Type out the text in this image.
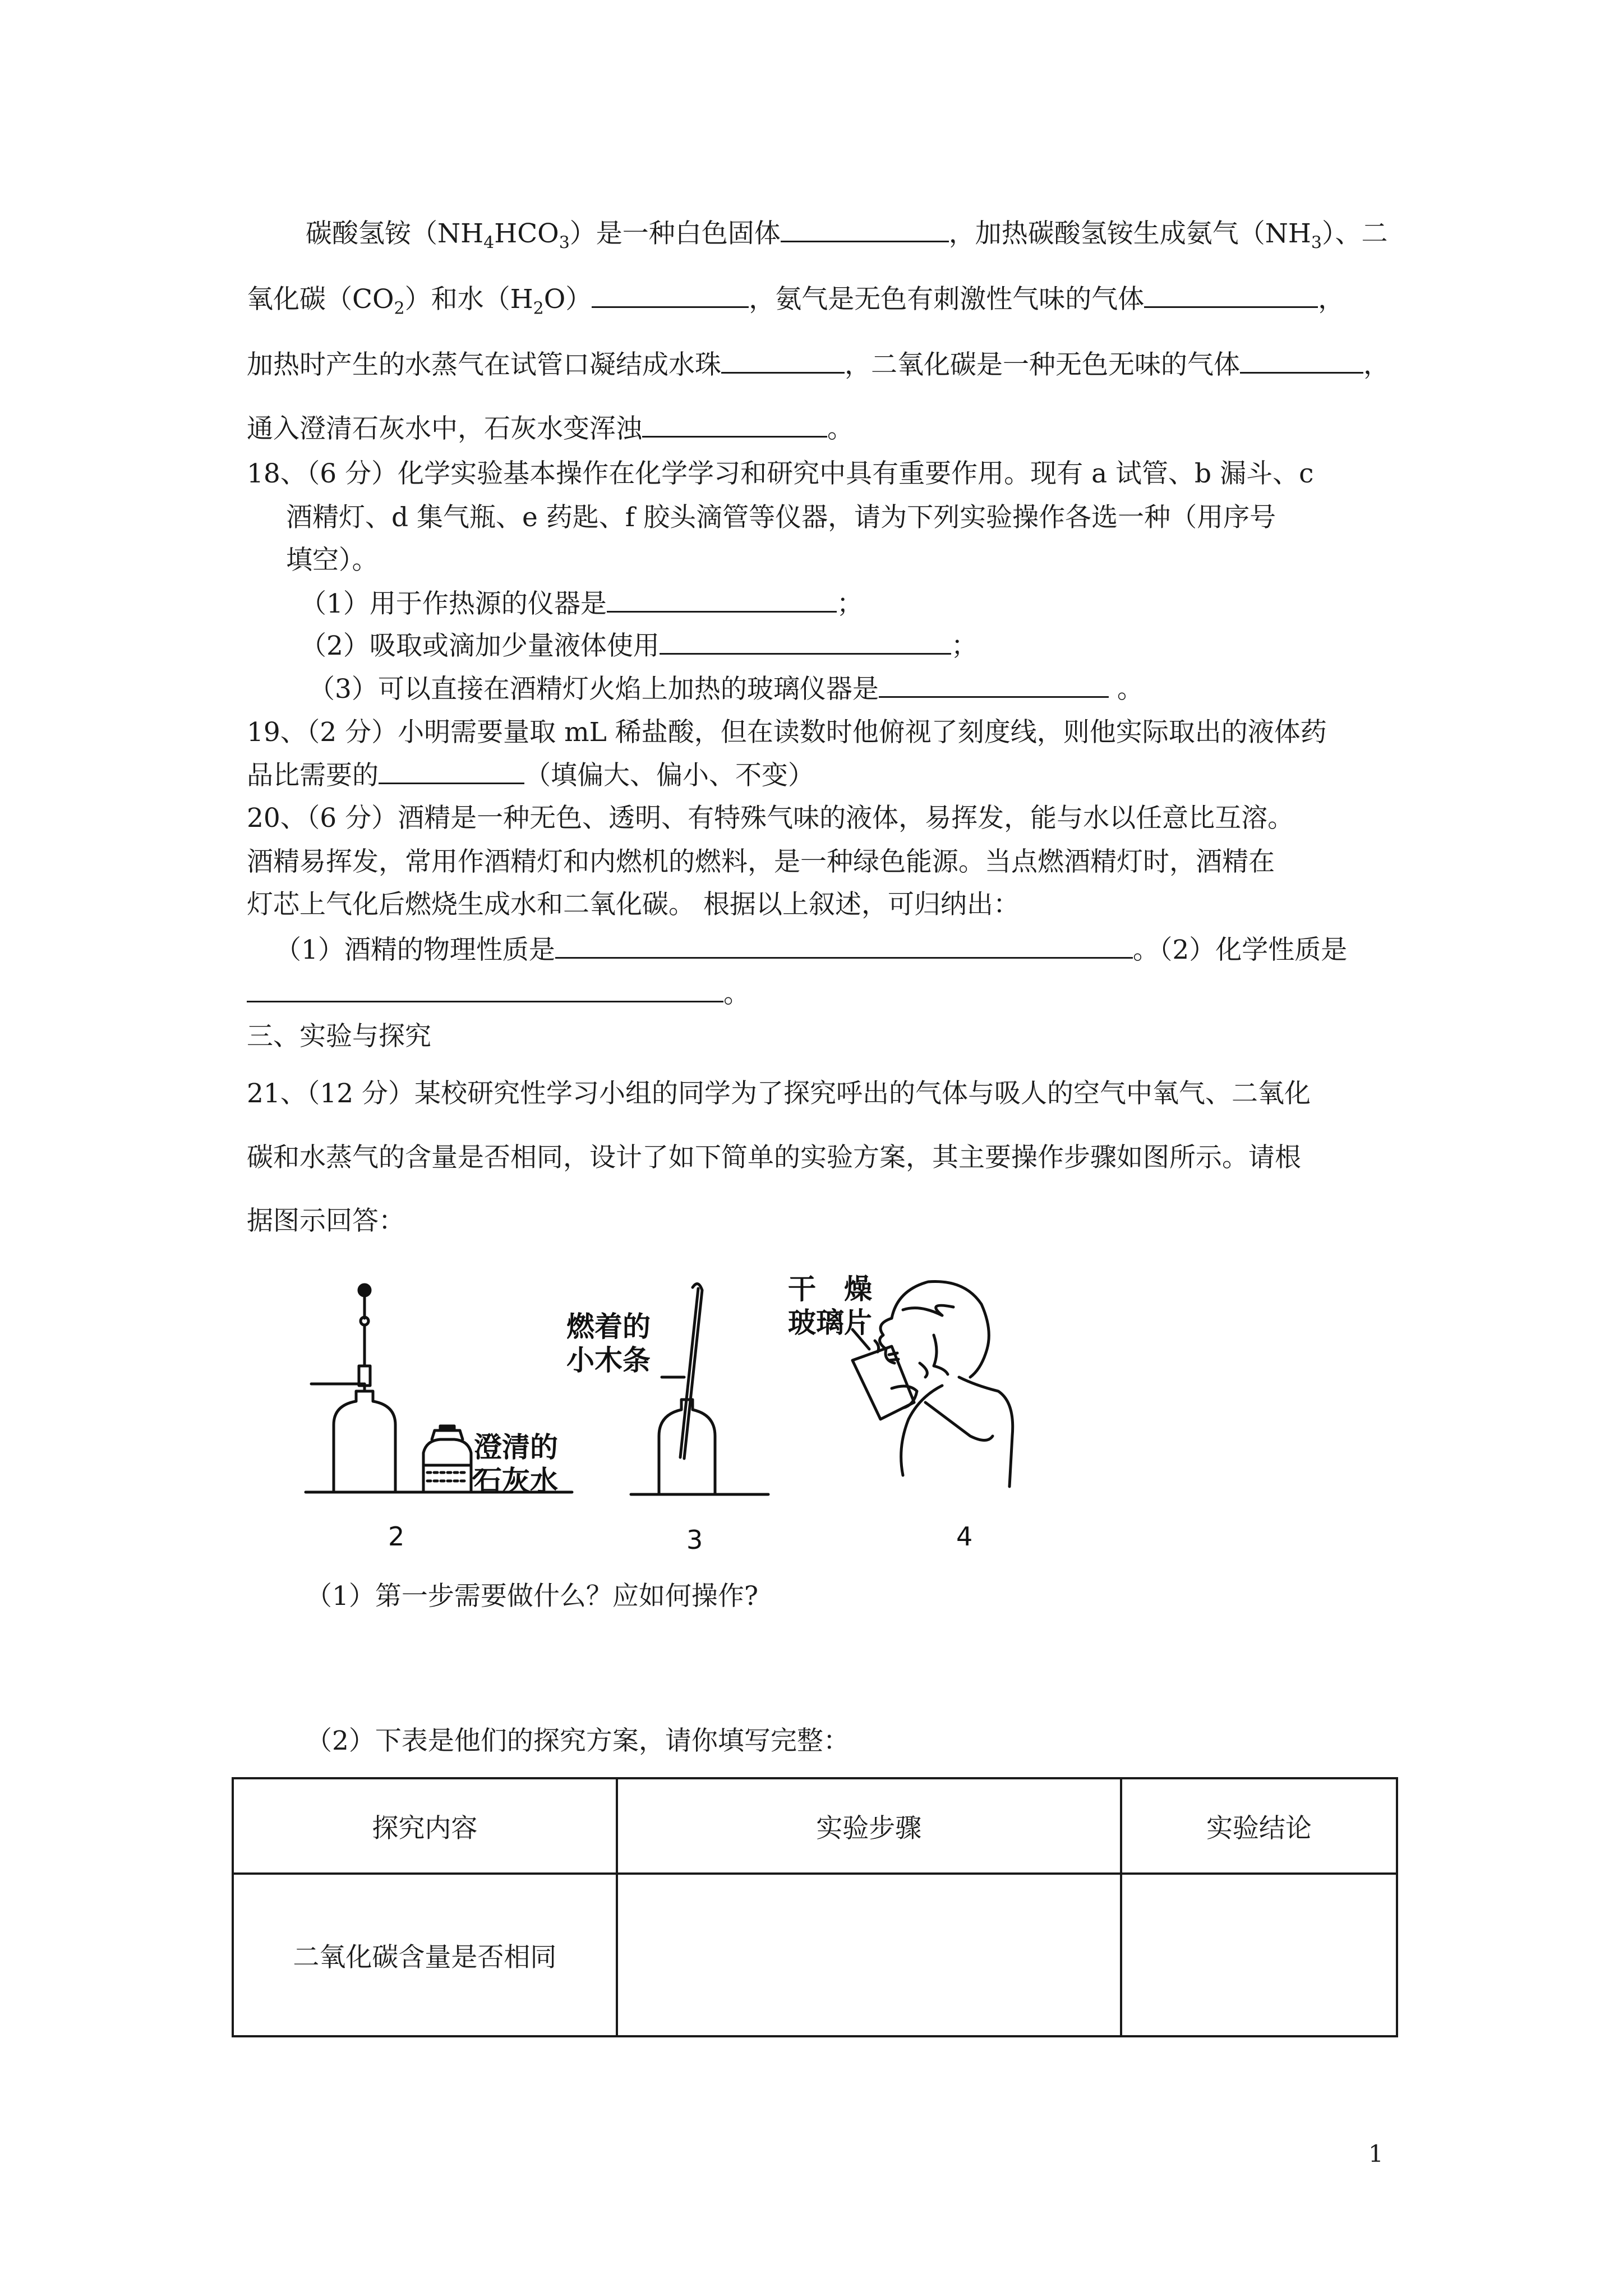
碳酸氢铵$(NH_4HCO_3)$是一种白色固体	，加热碳酸氢铵生成氨气$(NH_3)$、二
氧化碳$(CO_2)$和水$(H_2O)$	，氨气是无色有刺激性气味的气体	，
加热时产生的水蒸气在试管口凝结成水珠	，二氧化碳是一种无色无味的气体	，
通入澄清石灰水中，石灰水变浑浊	。
18、（6 分）化学实验基本操作在化学学习和研究中具有重要作用。现有 a 试管、b 漏斗、c
酒精灯、d 集气瓶、e 药匙、f 胶头滴管等仪器，请为下列实验操作各选一种（用序号
填空）。
（1）用于作热源的仪器是	；
（2）吸取或滴加少量液体使用	；
（3）可以直接在酒精灯火焰上加热的玻璃仪器是	。
19、（2 分）小明需要量取 mL 稀盐酸，但在读数时他俯视了刻度线，则他实际取出的液体药
品比需要的	（填偏大、偏小、不变）
20、（6 分）酒精是一种无色、透明、有特殊气味的液体，易挥发，能与水以任意比互溶。
酒精易挥发，常用作酒精灯和内燃机的燃料，是一种绿色能源。当点燃酒精灯时，酒精在
灯芯上气化后燃烧生成水和二氧化碳。 根据以上叙述，可归纳出：
（1）酒精的物理性质是	。（2）化学性质是
。
三、实验与探究
21、（12 分）某校研究性学习小组的同学为了探究呼出的气体与吸人的空气中氧气、二氧化
碳和水蒸气的含量是否相同，设计了如下简单的实验方案，其主要操作步骤如图所示。请根
据图示回答：
澄清的
石灰水
燃着的
小木条
干　燥
玻璃片
2	3	4
（1）第一步需要做什么？应如何操作?
（2）下表是他们的探究方案，请你填写完整：
探究内容	实验步骤	实验结论
二氧化碳含量是否相同		
1
